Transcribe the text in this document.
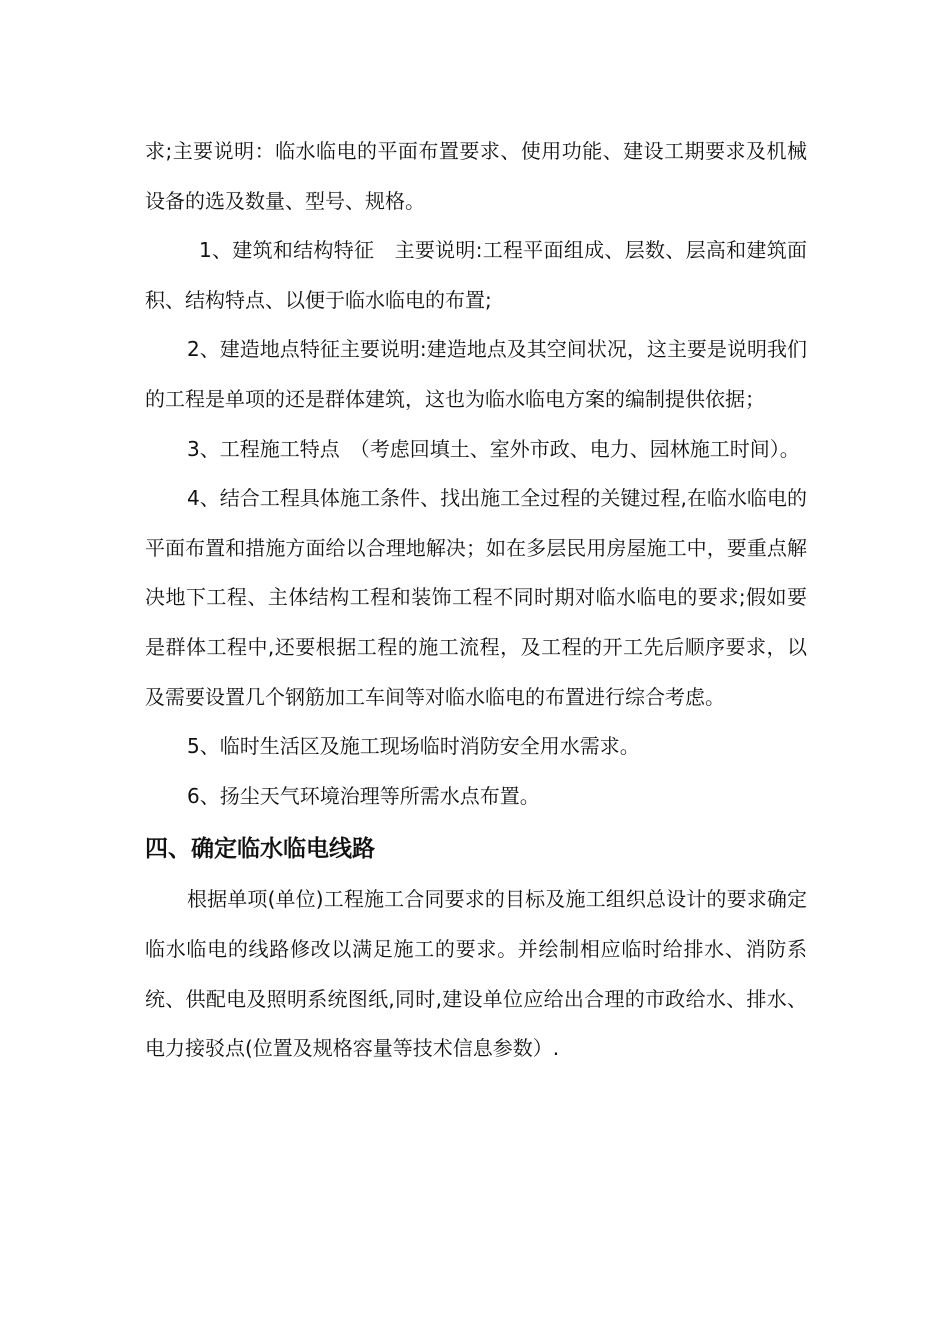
求;主要说明：临水临电的平面布置要求、使用功能、建设工期要求及机械设备的选及数量、型号、规格。

1、建筑和结构特征　主要说明:工程平面组成、层数、层高和建筑面积、结构特点、以便于临水临电的布置;

2、建造地点特征主要说明:建造地点及其空间状况，这主要是说明我们的工程是单项的还是群体建筑，这也为临水临电方案的编制提供依据；

3、工程施工特点　（考虑回填土、室外市政、电力、园林施工时间）。

4、结合工程具体施工条件、找出施工全过程的关键过程,在临水临电的平面布置和措施方面给以合理地解决；如在多层民用房屋施工中，要重点解决地下工程、主体结构工程和装饰工程不同时期对临水临电的要求;假如要是群体工程中,还要根据工程的施工流程，及工程的开工先后顺序要求，以及需要设置几个钢筋加工车间等对临水临电的布置进行综合考虑。

5、临时生活区及施工现场临时消防安全用水需求。

6、扬尘天气环境治理等所需水点布置。

四、确定临水临电线路

根据单项(单位)工程施工合同要求的目标及施工组织总设计的要求确定临水临电的线路修改以满足施工的要求。并绘制相应临时给排水、消防系统、供配电及照明系统图纸,同时,建设单位应给出合理的市政给水、排水、电力接驳点(位置及规格容量等技术信息参数）.
